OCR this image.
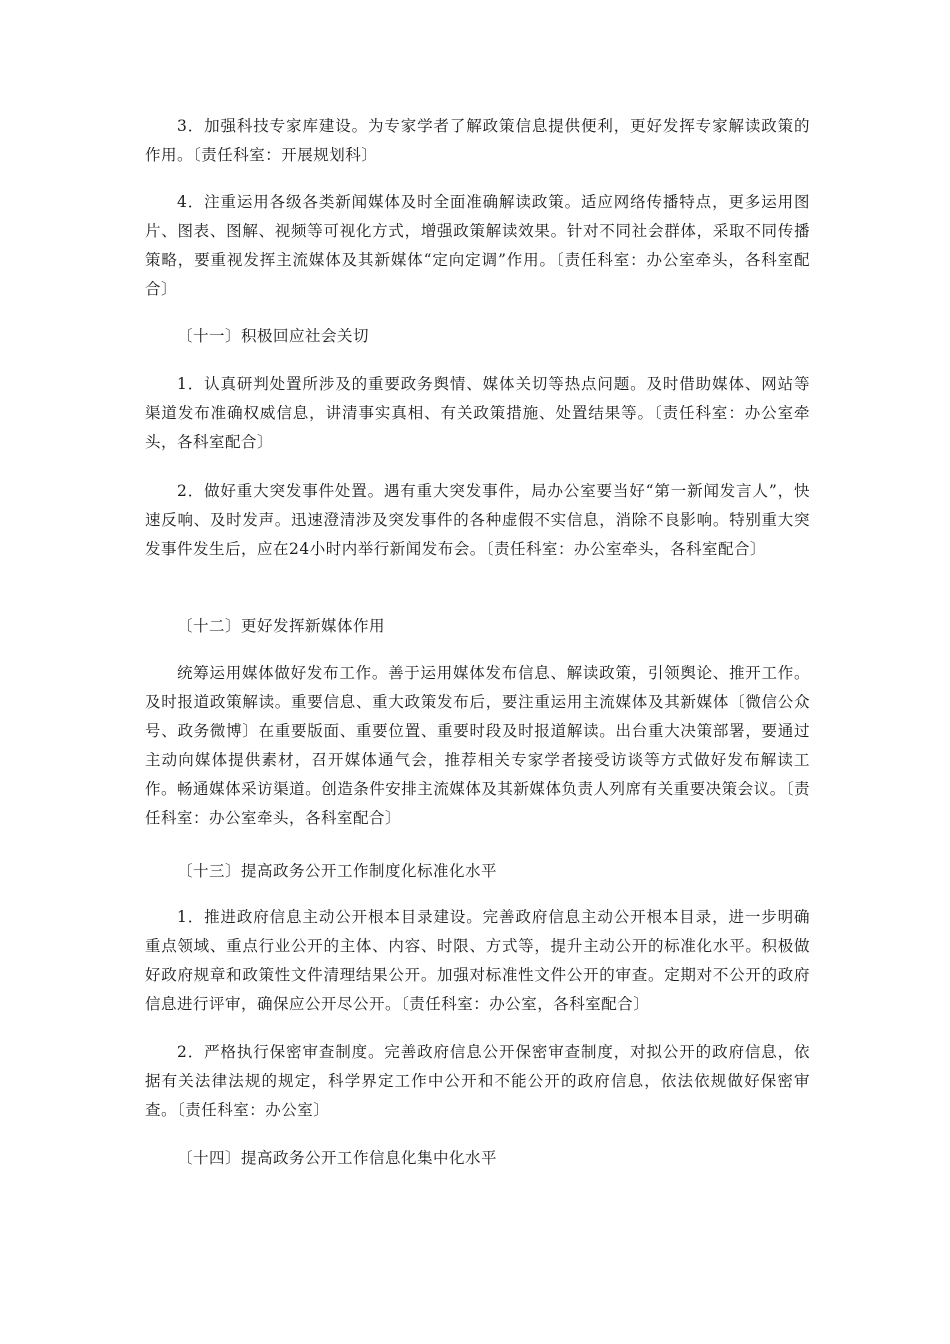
3．加强科技专家库建设。为专家学者了解政策信息提供便利，更好发挥专家解读政策的作用。〔责任科室：开展规划科〕

4．注重运用各级各类新闻媒体及时全面准确解读政策。适应网络传播特点，更多运用图片、图表、图解、视频等可视化方式，增强政策解读效果。针对不同社会群体，采取不同传播策略，要重视发挥主流媒体及其新媒体“定向定调”作用。〔责任科室：办公室牵头，各科室配合〕

〔十一〕积极回应社会关切

1．认真研判处置所涉及的重要政务舆情、媒体关切等热点问题。及时借助媒体、网站等渠道发布准确权威信息，讲清事实真相、有关政策措施、处置结果等。〔责任科室：办公室牵头，各科室配合〕

2．做好重大突发事件处置。遇有重大突发事件，局办公室要当好“第一新闻发言人”，快速反响、及时发声。迅速澄清涉及突发事件的各种虚假不实信息，消除不良影响。特别重大突发事件发生后，应在24小时内举行新闻发布会。〔责任科室：办公室牵头，各科室配合〕

〔十二〕更好发挥新媒体作用

统筹运用媒体做好发布工作。善于运用媒体发布信息、解读政策，引领舆论、推开工作。及时报道政策解读。重要信息、重大政策发布后，要注重运用主流媒体及其新媒体〔微信公众号、政务微博〕在重要版面、重要位置、重要时段及时报道解读。出台重大决策部署，要通过主动向媒体提供素材，召开媒体通气会，推荐相关专家学者接受访谈等方式做好发布解读工作。畅通媒体采访渠道。创造条件安排主流媒体及其新媒体负责人列席有关重要决策会议。〔责任科室：办公室牵头，各科室配合〕

〔十三〕提高政务公开工作制度化标准化水平

1．推进政府信息主动公开根本目录建设。完善政府信息主动公开根本目录，进一步明确重点领域、重点行业公开的主体、内容、时限、方式等，提升主动公开的标准化水平。积极做好政府规章和政策性文件清理结果公开。加强对标准性文件公开的审查。定期对不公开的政府信息进行评审，确保应公开尽公开。〔责任科室：办公室，各科室配合〕

2．严格执行保密审查制度。完善政府信息公开保密审查制度，对拟公开的政府信息，依据有关法律法规的规定，科学界定工作中公开和不能公开的政府信息，依法依规做好保密审查。〔责任科室：办公室〕

〔十四〕提高政务公开工作信息化集中化水平
